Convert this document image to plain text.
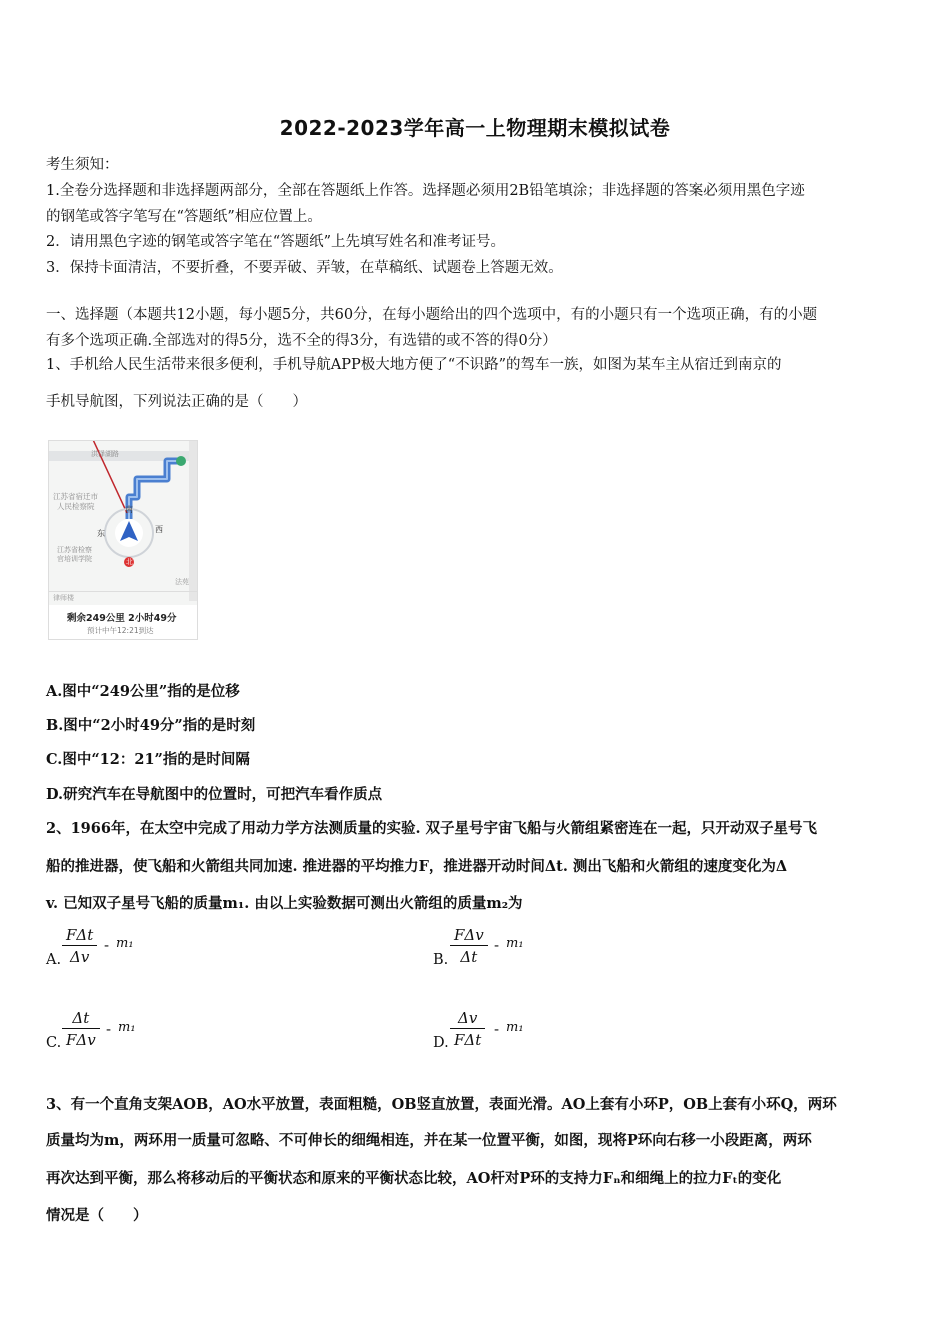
2022-2023学年高一上物理期末模拟试卷
考生须知：
1.全卷分选择题和非选择题两部分，全部在答题纸上作答。选择题必须用2B铅笔填涂；非选择题的答案必须用黑色字迹
的钢笔或答字笔写在“答题纸”相应位置上。
2．请用黑色字迹的钢笔或答字笔在“答题纸”上先填写姓名和准考证号。
3．保持卡面清洁，不要折叠，不要弄破、弄皱，在草稿纸、试题卷上答题无效。
一、选择题（本题共12小题，每小题5分，共60分，在每小题给出的四个选项中，有的小题只有一个选项正确，有的小题
有多个选项正确.全部选对的得5分，选不全的得3分，有选错的或不答的得0分）
1、手机给人民生活带来很多便利，手机导航APP极大地方便了“不识路”的驾车一族，如图为某车主从宿迁到南京的
手机导航图，下列说法正确的是（　　）
洪泽湖路
江苏省宿迁市
人民检察院
江苏省检察
官培训学院
东	西
南
北
法苑
律师楼
剩余249公里 2小时49分
预计中午12:21到达
A.图中“249公里”指的是位移
B.图中“2小时49分”指的是时刻
C.图中“12：21”指的是时间隔
D.研究汽车在导航图中的位置时，可把汽车看作质点
2、1966年，在太空中完成了用动力学方法测质量的实验. 双子星号宇宙飞船与火箭组紧密连在一起，只开动双子星号飞
船的推进器，使飞船和火箭组共同加速. 推进器的平均推力F，推进器开动时间Δt. 测出飞船和火箭组的速度变化为Δ
v. 已知双子星号飞船的质量m₁. 由以上实验数据可测出火箭组的质量m₂为
A.
FΔt
Δv
- m₁
B.
FΔv
Δt
- m₁
C.
Δt
FΔv
- m₁
D.
Δv
FΔt
- m₁
3、有一个直角支架AOB，AO水平放置，表面粗糙，OB竖直放置，表面光滑。AO上套有小环P，OB上套有小环Q，两环
质量均为m，两环用一质量可忽略、不可伸长的细绳相连，并在某一位置平衡，如图，现将P环向右移一小段距离，两环
再次达到平衡，那么将移动后的平衡状态和原来的平衡状态比较，AO杆对P环的支持力Fₙ和细绳上的拉力Fₜ的变化
情况是（　　）
